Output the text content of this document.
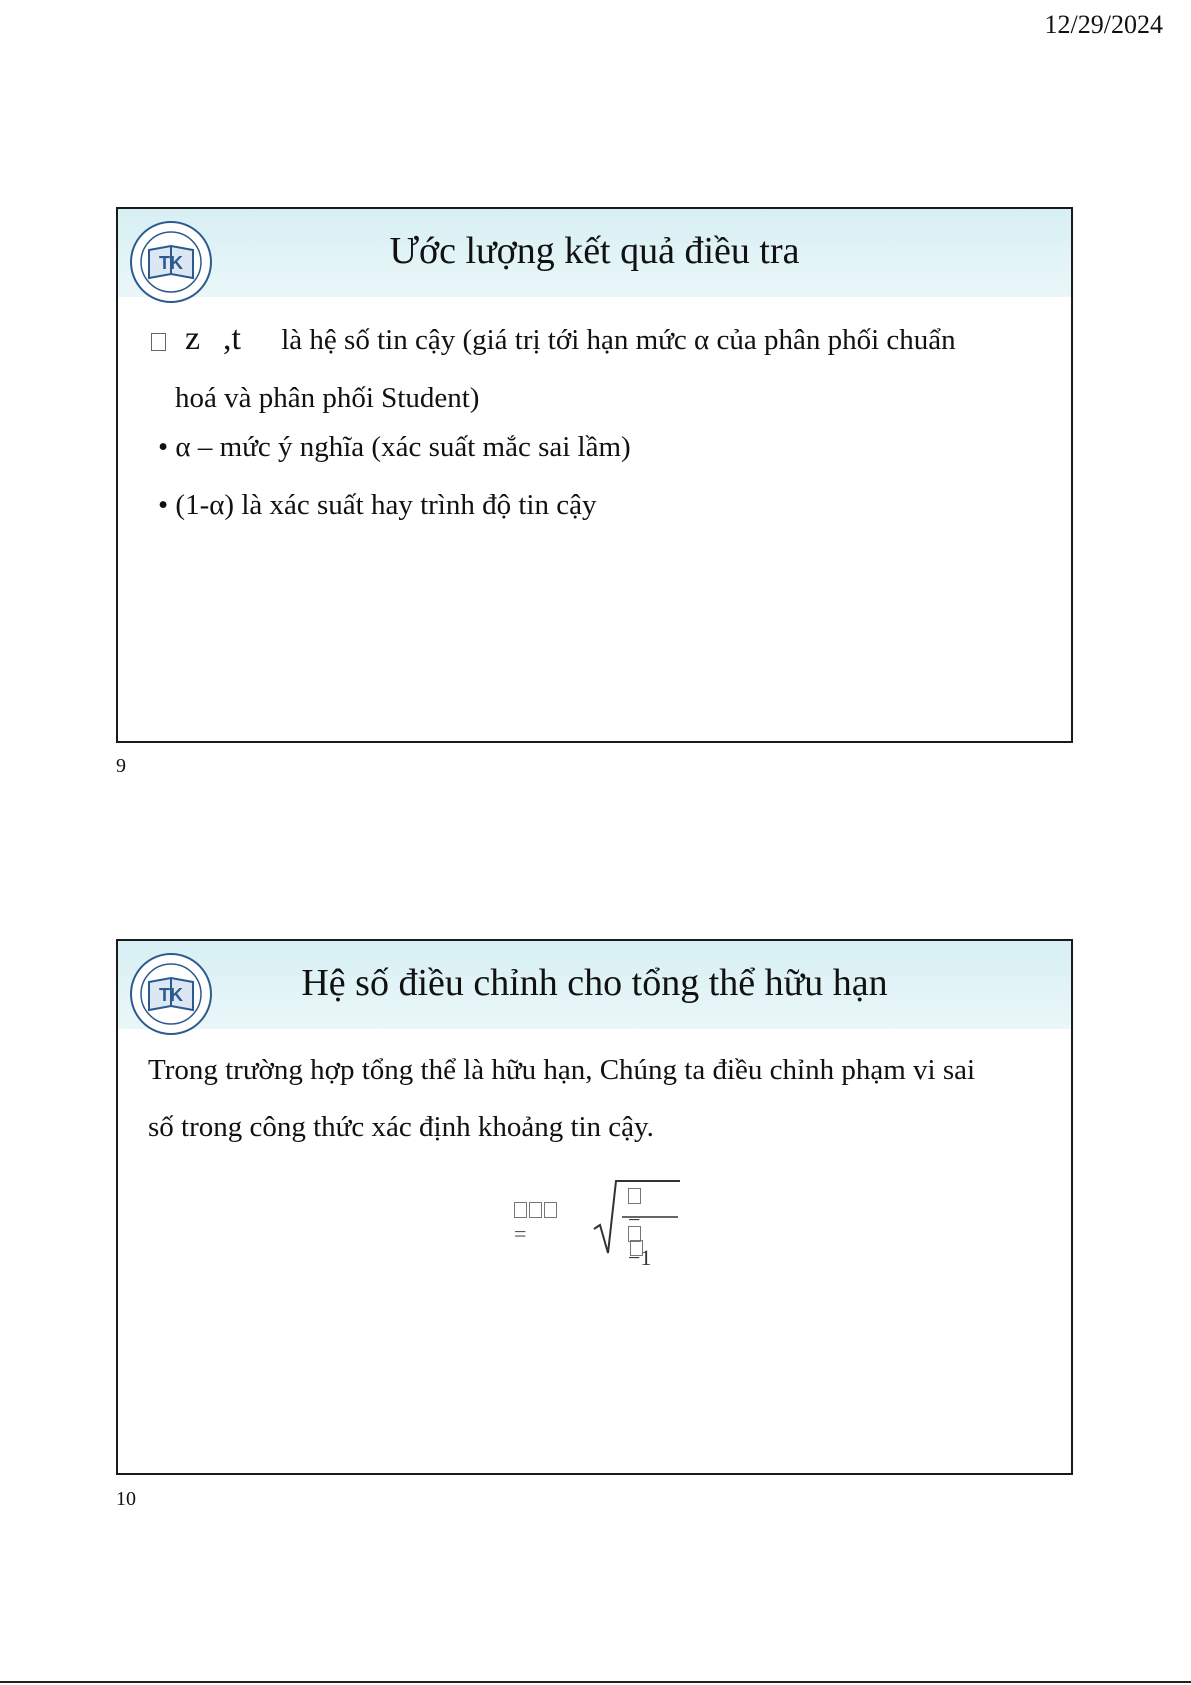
12/29/2024
TK	Ước lượng kết quả điều tra

z ,t là hệ số tin cậy (giá trị tới hạn mức α của phân phối chuẩn
hoá và phân phối Student)
• α – mức ý nghĩa (xác suất mắc sai lầm)
• (1-α) là xác suất hay trình độ tin cậy
9
TK	Hệ số điều chỉnh cho tổng thể hữu hạn
Trong trường hợp tổng thể là hữu hạn, Chúng ta điều chỉnh phạm vi sai
số trong công thức xác định khoảng tin cậy.
=
−
−1
10
